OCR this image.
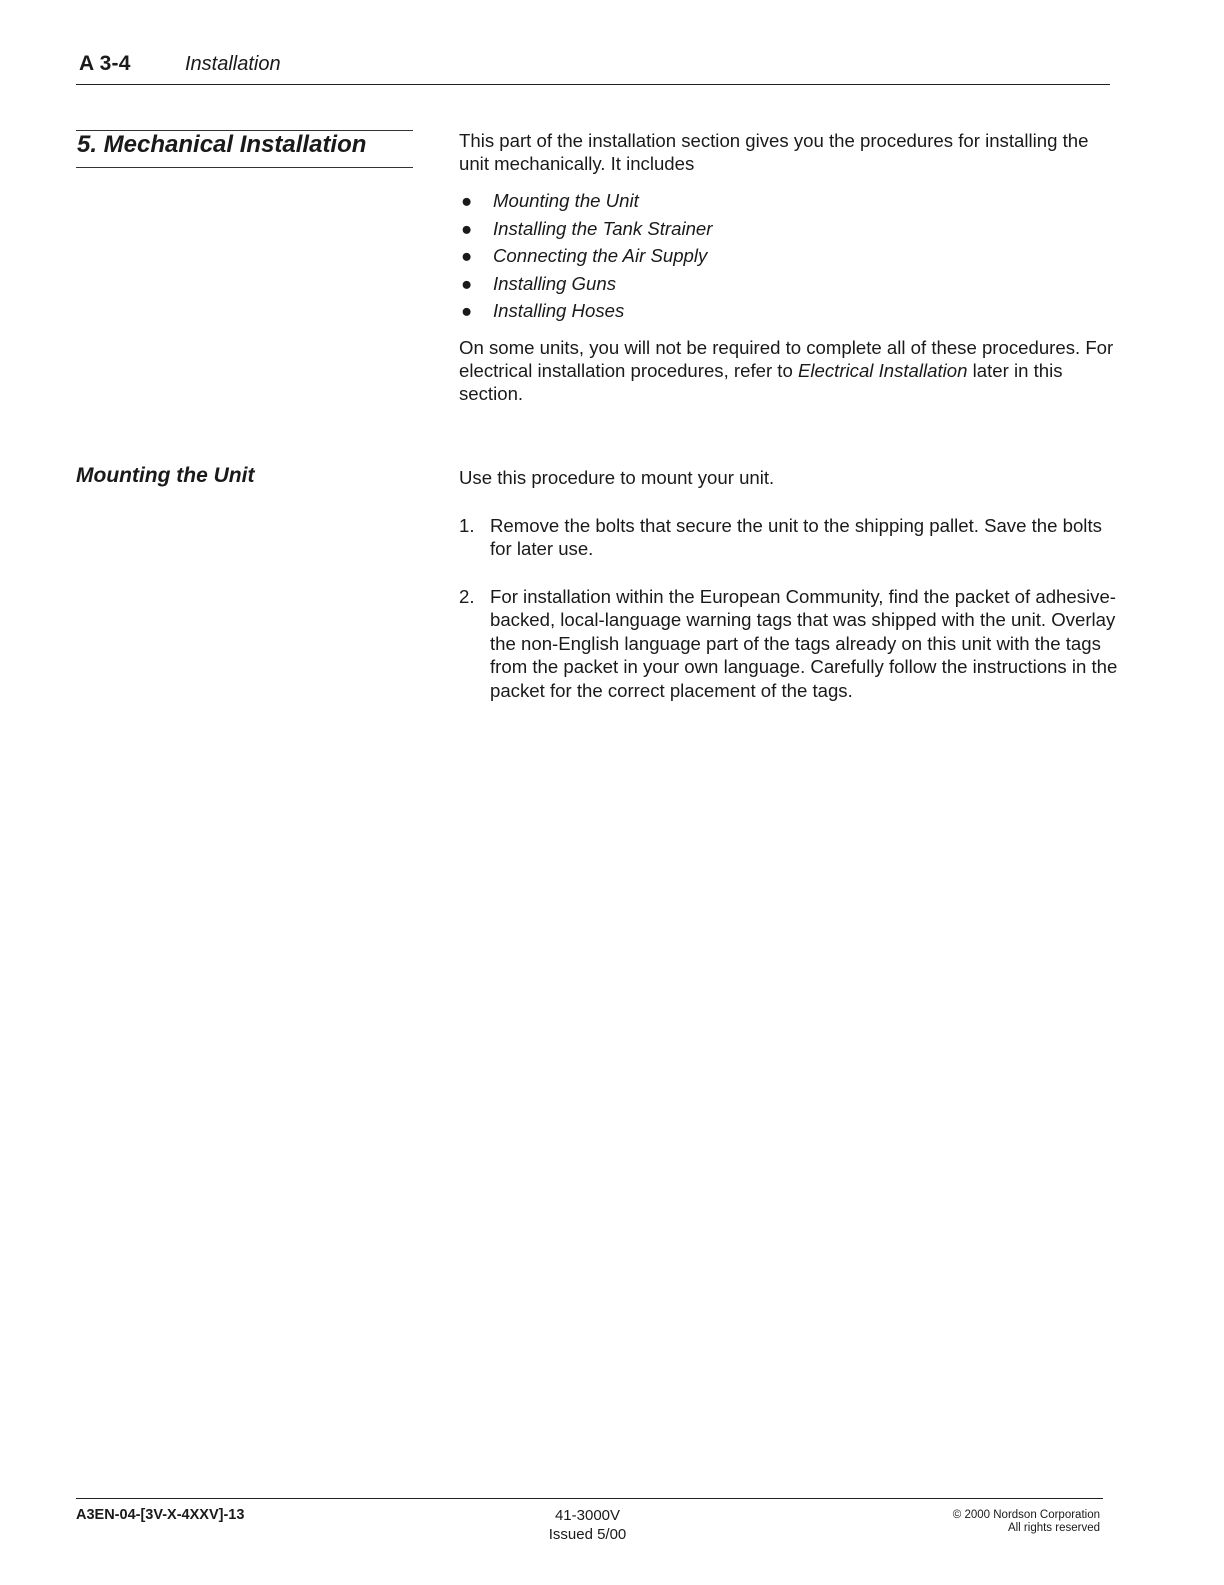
A 3-4	Installation
5. Mechanical Installation	This part of the installation section gives you the procedures for installing the unit mechanically. It includes

● Mounting the Unit
● Installing the Tank Strainer
● Connecting the Air Supply
● Installing Guns
● Installing Hoses

On some units, you will not be required to complete all of these procedures. For electrical installation procedures, refer to Electrical Installation later in this section.

Mounting the Unit	Use this procedure to mount your unit.
1. Remove the bolts that secure the unit to the shipping pallet. Save the bolts for later use.
2. For installation within the European Community, find the packet of adhesive-backed, local-language warning tags that was shipped with the unit. Overlay the non-English language part of the tags already on this unit with the tags from the packet in your own language. Carefully follow the instructions in the packet for the correct placement of the tags.
A3EN-04-[3V-X-4XXV]-13	41-3000V
Issued 5/00
© 2000 Nordson Corporation
All rights reserved
